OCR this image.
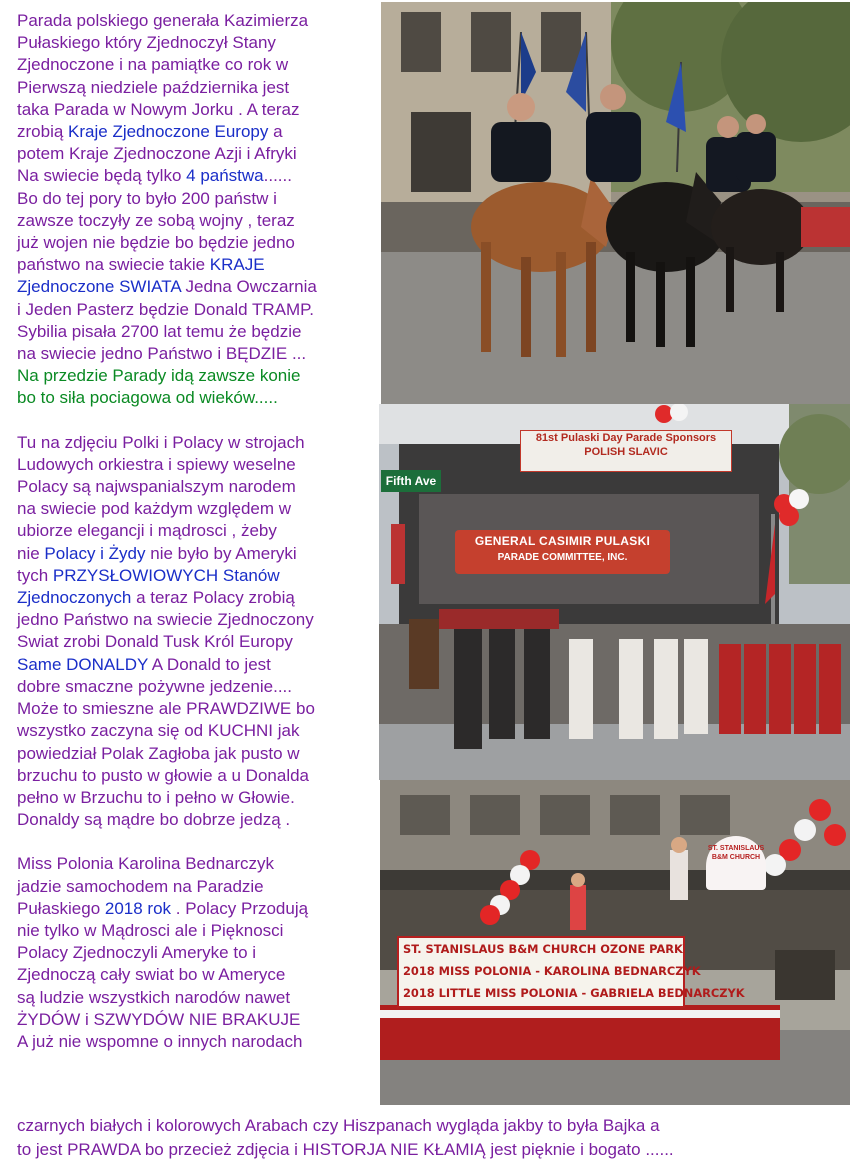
Parada polskiego generała Kazimierza
Pułaskiego który Zjednoczył Stany
Zjednoczone i na pamiątke co rok w
Pierwszą niedziele października jest
taka Parada w Nowym Jorku . A teraz
zrobią Kraje Zjednoczone Europy a
potem Kraje Zjednoczone Azji i Afryki
Na swiecie będą tylko 4 państwa......
Bo do tej pory to było 200 państw i
zawsze toczyły ze sobą wojny , teraz
już wojen nie będzie bo będzie jedno
państwo na swiecie takie KRAJE
Zjednoczone SWIATA Jedna Owczarnia
i Jeden Pasterz będzie Donald TRAMP.
Sybilia pisała 2700 lat temu że będzie
na swiecie jedno Państwo i BĘDZIE ...
Na przedzie Parady idą zawsze konie
bo to siła pociagowa od wieków.....
Tu na zdjęciu Polki i Polacy w strojach
Ludowych orkiestra i spiewy weselne
Polacy są najwspanialszym narodem
na swiecie pod każdym względem w
ubiorze elegancji i mądrosci , żeby
nie Polacy i Żydy nie było by Ameryki
tych PRZYSŁOWIOWYCH Stanów
Zjednoczonych a teraz Polacy zrobią
jedno Państwo na swiecie Zjednoczony
Swiat zrobi Donald Tusk Król Europy
Same DONALDY A Donald to jest
dobre smaczne pożywne jedzenie....
Może to smieszne ale PRAWDZIWE bo
wszystko zaczyna się od KUCHNI jak
powiedział Polak Zagłoba jak pusto w
brzuchu to pusto w głowie a u Donalda
pełno w Brzuchu to i pełno w Głowie.
Donaldy są mądre bo dobrze jedzą .
Miss Polonia Karolina Bednarczyk
jadzie samochodem na Paradzie
Pułaskiego 2018 rok . Polacy Przodują
nie tylko w Mądrosci ale i Pięknosci
Polacy Zjednoczyli Ameryke to i
Zjednoczą cały swiat bo w Ameryce
są ludzie wszystkich narodów nawet
ŻYDÓW i SZWYDÓW NIE BRAKUJE
A już nie wspomne o innych narodach
czarnych białych i kolorowych Arabach czy Hiszpanach wygląda jakby to była Bajka a
to jest PRAWDA bo przecież zdjęcia i HISTORJA NIE KŁAMIĄ jest pięknie i bogato ......
Fifth Ave
81st Pulaski Day Parade Sponsors
POLISH SLAVIC
GENERAL CASIMIR PULASKI
PARADE COMMITTEE, INC.
ST. STANISLAUS B&M CHURCH
ST. STANISLAUS B&M CHURCH OZONE PARK
2018 MISS POLONIA - KAROLINA BEDNARCZYK
2018 LITTLE MISS POLONIA - GABRIELA BEDNARCZYK
